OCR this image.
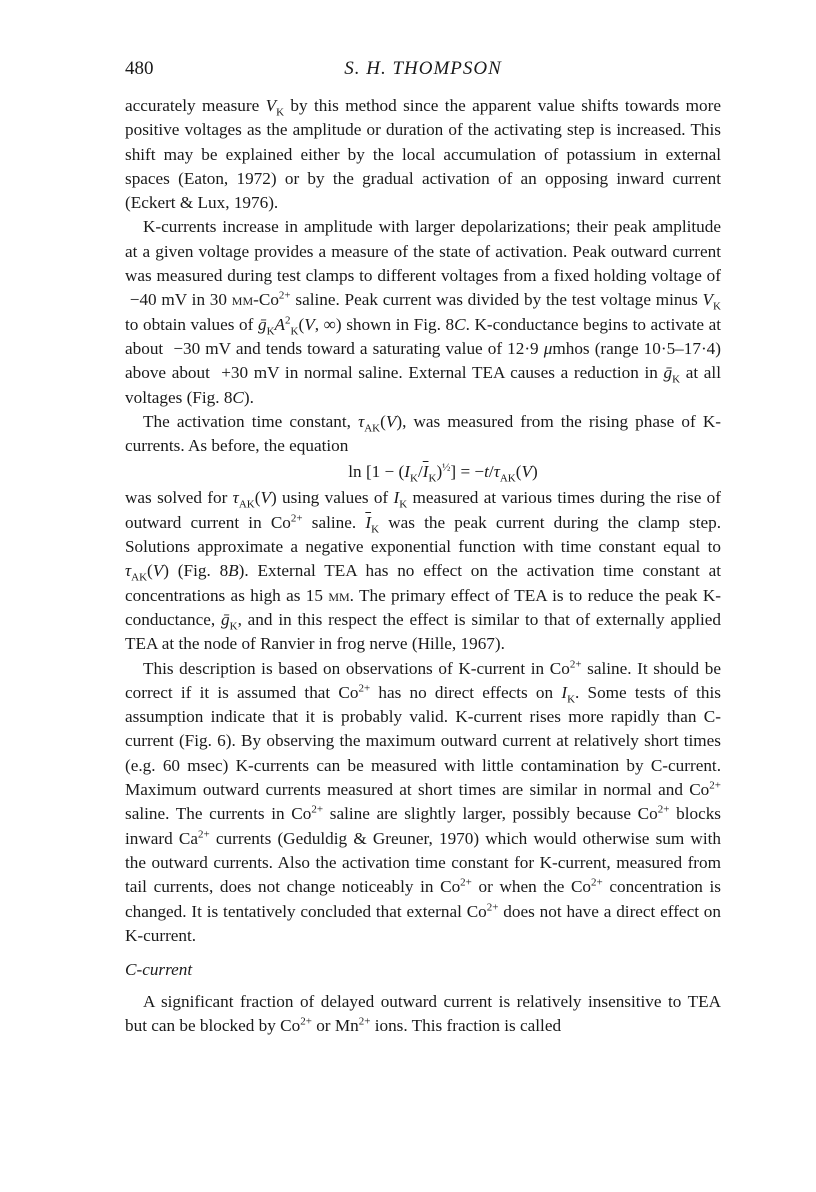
480	S. H. THOMPSON

accurately measure $V_K$ by this method since the apparent value shifts towards more positive voltages as the amplitude or duration of the activating step is increased. This shift may be explained either by the local accumulation of potassium in external spaces (Eaton, 1972) or by the gradual activation of an opposing inward current (Eckert & Lux, 1976).

K-currents increase in amplitude with larger depolarizations; their peak amplitude at a given voltage provides a measure of the state of activation. Peak outward current was measured during test clamps to different voltages from a fixed holding voltage of  −40 mV in 30 $mm-Co^{2+}$ saline. Peak current was divided by the test voltage minus $V_K$ to obtain values of $ḡ_KA^2_K(V$, ∞) shown in Fig. 8C. K-conductance begins to activate at about  −30 mV and tends toward a saturating value of 12·9 μmhos (range 10·5–17·4) above about  +30 mV in normal saline. External TEA causes a reduction in ḡ$_K$ at all voltages (Fig. 8C).

The activation time constant, $\tau_{AK}(V)$, was measured from the rising phase of K-currents. As before, the equation

$\ln [1 - (I_K/\overline{I}_K)^{\frac{1}{2}}] = -t/\tau_{AK}(V)$

was solved for $\tau_{AK}(V)$ using values of $I_K$ measured at various times during the rise of outward current in $Co^{2+}$ saline. $\overline{I}_K$ was the peak current during the clamp step. Solutions approximate a negative exponential function with time constant equal to $\tau_{AK}(V)$ (Fig. 8B). External TEA has no effect on the activation time constant at concentrations as high as 15 mm. The primary effect of TEA is to reduce the peak K-conductance, ḡ$_K$, and in this respect the effect is similar to that of externally applied TEA at the node of Ranvier in frog nerve (Hille, 1967).

This description is based on observations of K-current in $Co^{2+}$ saline. It should be correct if it is assumed that $Co^{2+}$ has no direct effects on $I_K$. Some tests of this assumption indicate that it is probably valid. K-current rises more rapidly than C-current (Fig. 6). By observing the maximum outward current at relatively short times (e.g. 60 msec) K-currents can be measured with little contamination by C-current. Maximum outward currents measured at short times are similar in normal and $Co^{2+}$ saline. The currents in $Co^{2+}$ saline are slightly larger, possibly because $Co^{2+}$ blocks inward $Ca^{2+}$ currents (Geduldig & Greuner, 1970) which would otherwise sum with the outward currents. Also the activation time constant for K-current, measured from tail currents, does not change noticeably in $Co^{2+}$ or when the $Co^{2+}$ concentration is changed. It is tentatively concluded that external $Co^{2+}$ does not have a direct effect on K-current.

C-current

A significant fraction of delayed outward current is relatively insensitive to TEA but can be blocked by $Co^{2+}$ or $Mn^{2+}$ ions. This fraction is called
